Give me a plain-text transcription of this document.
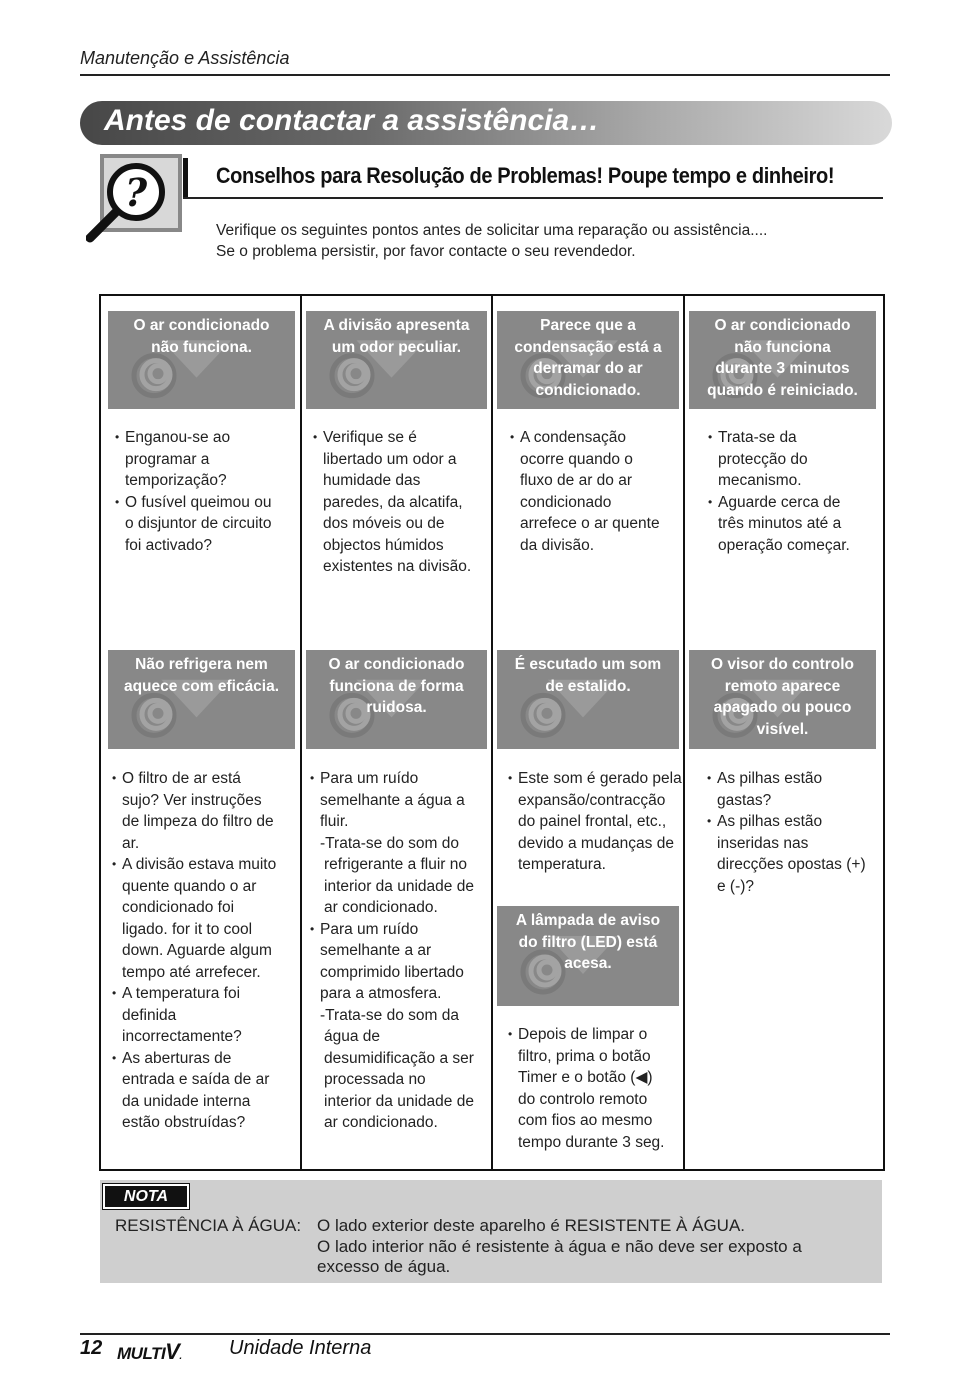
Manutenção e Assistência
Antes de contactar a assistência…
?	Conselhos para Resolução de Problemas! Poupe tempo e dinheiro!
Verifique os seguintes pontos antes de solicitar uma reparação ou assistência....
Se o problema persistir, por favor contacte o seu revendedor.
O ar condicionado
não funciona.
A divisão apresenta
um odor peculiar.
Parece que a
condensação está a
derramar do ar
condicionado.
O ar condicionado
não funciona
durante 3 minutos
quando é reiniciado.
• Enganou-se ao
programar a
temporização?
• O fusível queimou ou
o disjuntor de circuito
foi activado?
• Verifique se é
libertado um odor a
humidade das
paredes, da alcatifa,
dos móveis ou de
objectos húmidos
existentes na divisão.
• A condensação
ocorre quando o
fluxo de ar do ar
condicionado
arrefece o ar quente
da divisão.
• Trata-se da
protecção do
mecanismo.
• Aguarde cerca de
três minutos até a
operação começar.
Não refrigera nem
aquece com eficácia.
O ar condicionado
funciona de forma
ruidosa.
É escutado um som
de estalido.
O visor do controlo
remoto aparece
apagado ou pouco
visível.
• O filtro de ar está
sujo? Ver instruções
de limpeza do filtro de
ar.
• A divisão estava muito
quente quando o ar
condicionado foi
ligado. for it to cool
down. Aguarde algum
tempo até arrefecer.
• A temperatura foi
definida
incorrectamente?
• As aberturas de
entrada e saída de ar
da unidade interna
estão obstruídas?
• Para um ruído
semelhante a água a
fluir.
-Trata-se do som do
refrigerante a fluir no
interior da unidade de
ar condicionado.
• Para um ruído
semelhante a ar
comprimido libertado
para a atmosfera.
-Trata-se do som da
água de
desumidificação a ser
processada no
interior da unidade de
ar condicionado.
• Este som é gerado pela
expansão/contracção
do painel frontal, etc.,
devido a mudanças de
temperatura.
• As pilhas estão
gastas?
• As pilhas estão
inseridas nas
direcções opostas (+)
e (-)?
A lâmpada de aviso
do filtro (LED) está
acesa.
• Depois de limpar o
filtro, prima o botão
Timer e o botão (◀)
do controlo remoto
com fios ao mesmo
tempo durante 3 seg.
NOTA
RESISTÊNCIA À ÁGUA: O lado exterior deste aparelho é RESISTENTE À ÁGUA.
O lado interior não é resistente à água e não deve ser exposto a
excesso de água.
12 MULTIV. Unidade Interna
